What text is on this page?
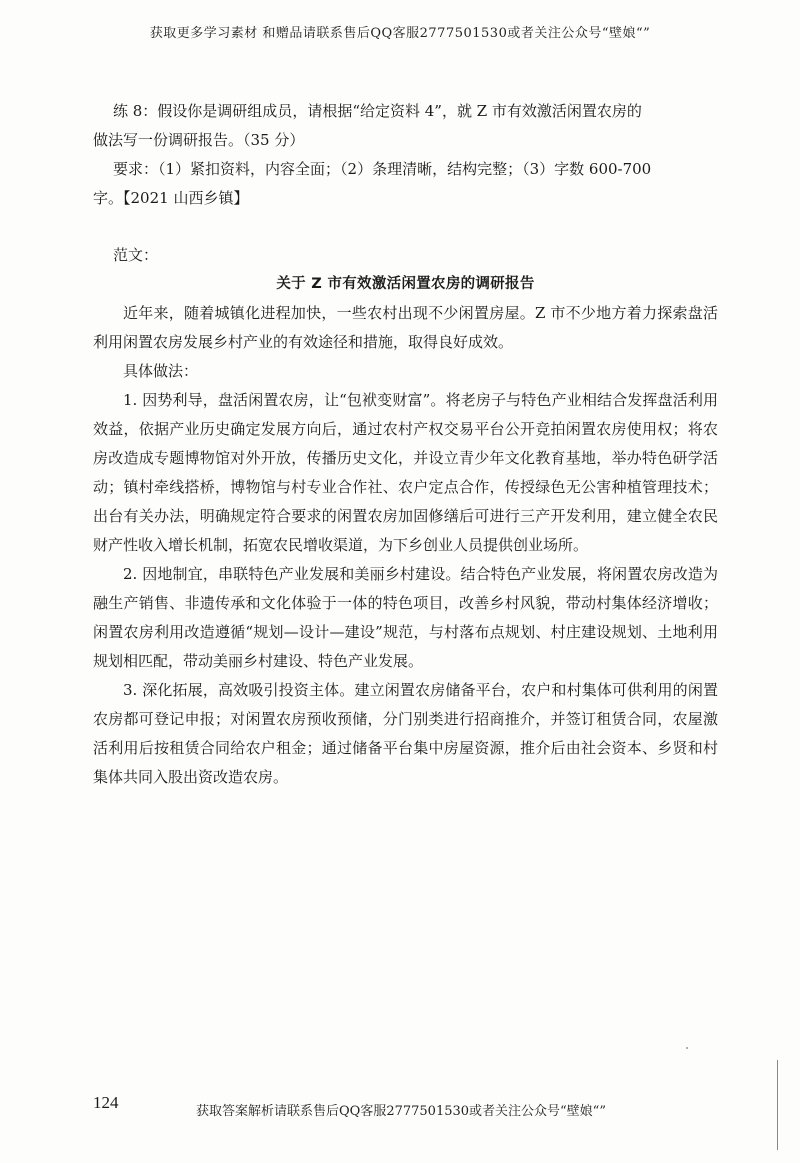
获取更多学习素材 和赠品请联系售后QQ客服2777501530或者关注公众号“壁娘“”

练 8：假设你是调研组成员，请根据“给定资料 4”，就 Z 市有效激活闲置农房的

做法写一份调研报告。（35 分）

要求：（1）紧扣资料，内容全面；（2）条理清晰，结构完整；（3）字数 600-700

字。【2021 山西乡镇】

范文：

关于 Z 市有效激活闲置农房的调研报告

近年来，随着城镇化进程加快，一些农村出现不少闲置房屋。Z 市不少地方着力探索盘活利用闲置农房发展乡村产业的有效途径和措施，取得良好成效。

具体做法：

1. 因势利导，盘活闲置农房，让“包袱变财富”。将老房子与特色产业相结合发挥盘活利用效益，依据产业历史确定发展方向后，通过农村产权交易平台公开竞拍闲置农房使用权；将农房改造成专题博物馆对外开放，传播历史文化，并设立青少年文化教育基地，举办特色研学活动；镇村牵线搭桥，博物馆与村专业合作社、农户定点合作，传授绿色无公害种植管理技术；出台有关办法，明确规定符合要求的闲置农房加固修缮后可进行三产开发利用，建立健全农民财产性收入增长机制，拓宽农民增收渠道，为下乡创业人员提供创业场所。

2. 因地制宜，串联特色产业发展和美丽乡村建设。结合特色产业发展，将闲置农房改造为融生产销售、非遗传承和文化体验于一体的特色项目，改善乡村风貌，带动村集体经济增收；闲置农房利用改造遵循“规划—设计—建设”规范，与村落布点规划、村庄建设规划、土地利用规划相匹配，带动美丽乡村建设、特色产业发展。

3. 深化拓展，高效吸引投资主体。建立闲置农房储备平台，农户和村集体可供利用的闲置农房都可登记申报；对闲置农房预收预储，分门别类进行招商推介，并签订租赁合同，农屋激活利用后按租赁合同给农户租金；通过储备平台集中房屋资源，推介后由社会资本、乡贤和村集体共同入股出资改造农房。

124	获取答案解析请联系售后QQ客服2777501530或者关注公众号“壁娘“”
